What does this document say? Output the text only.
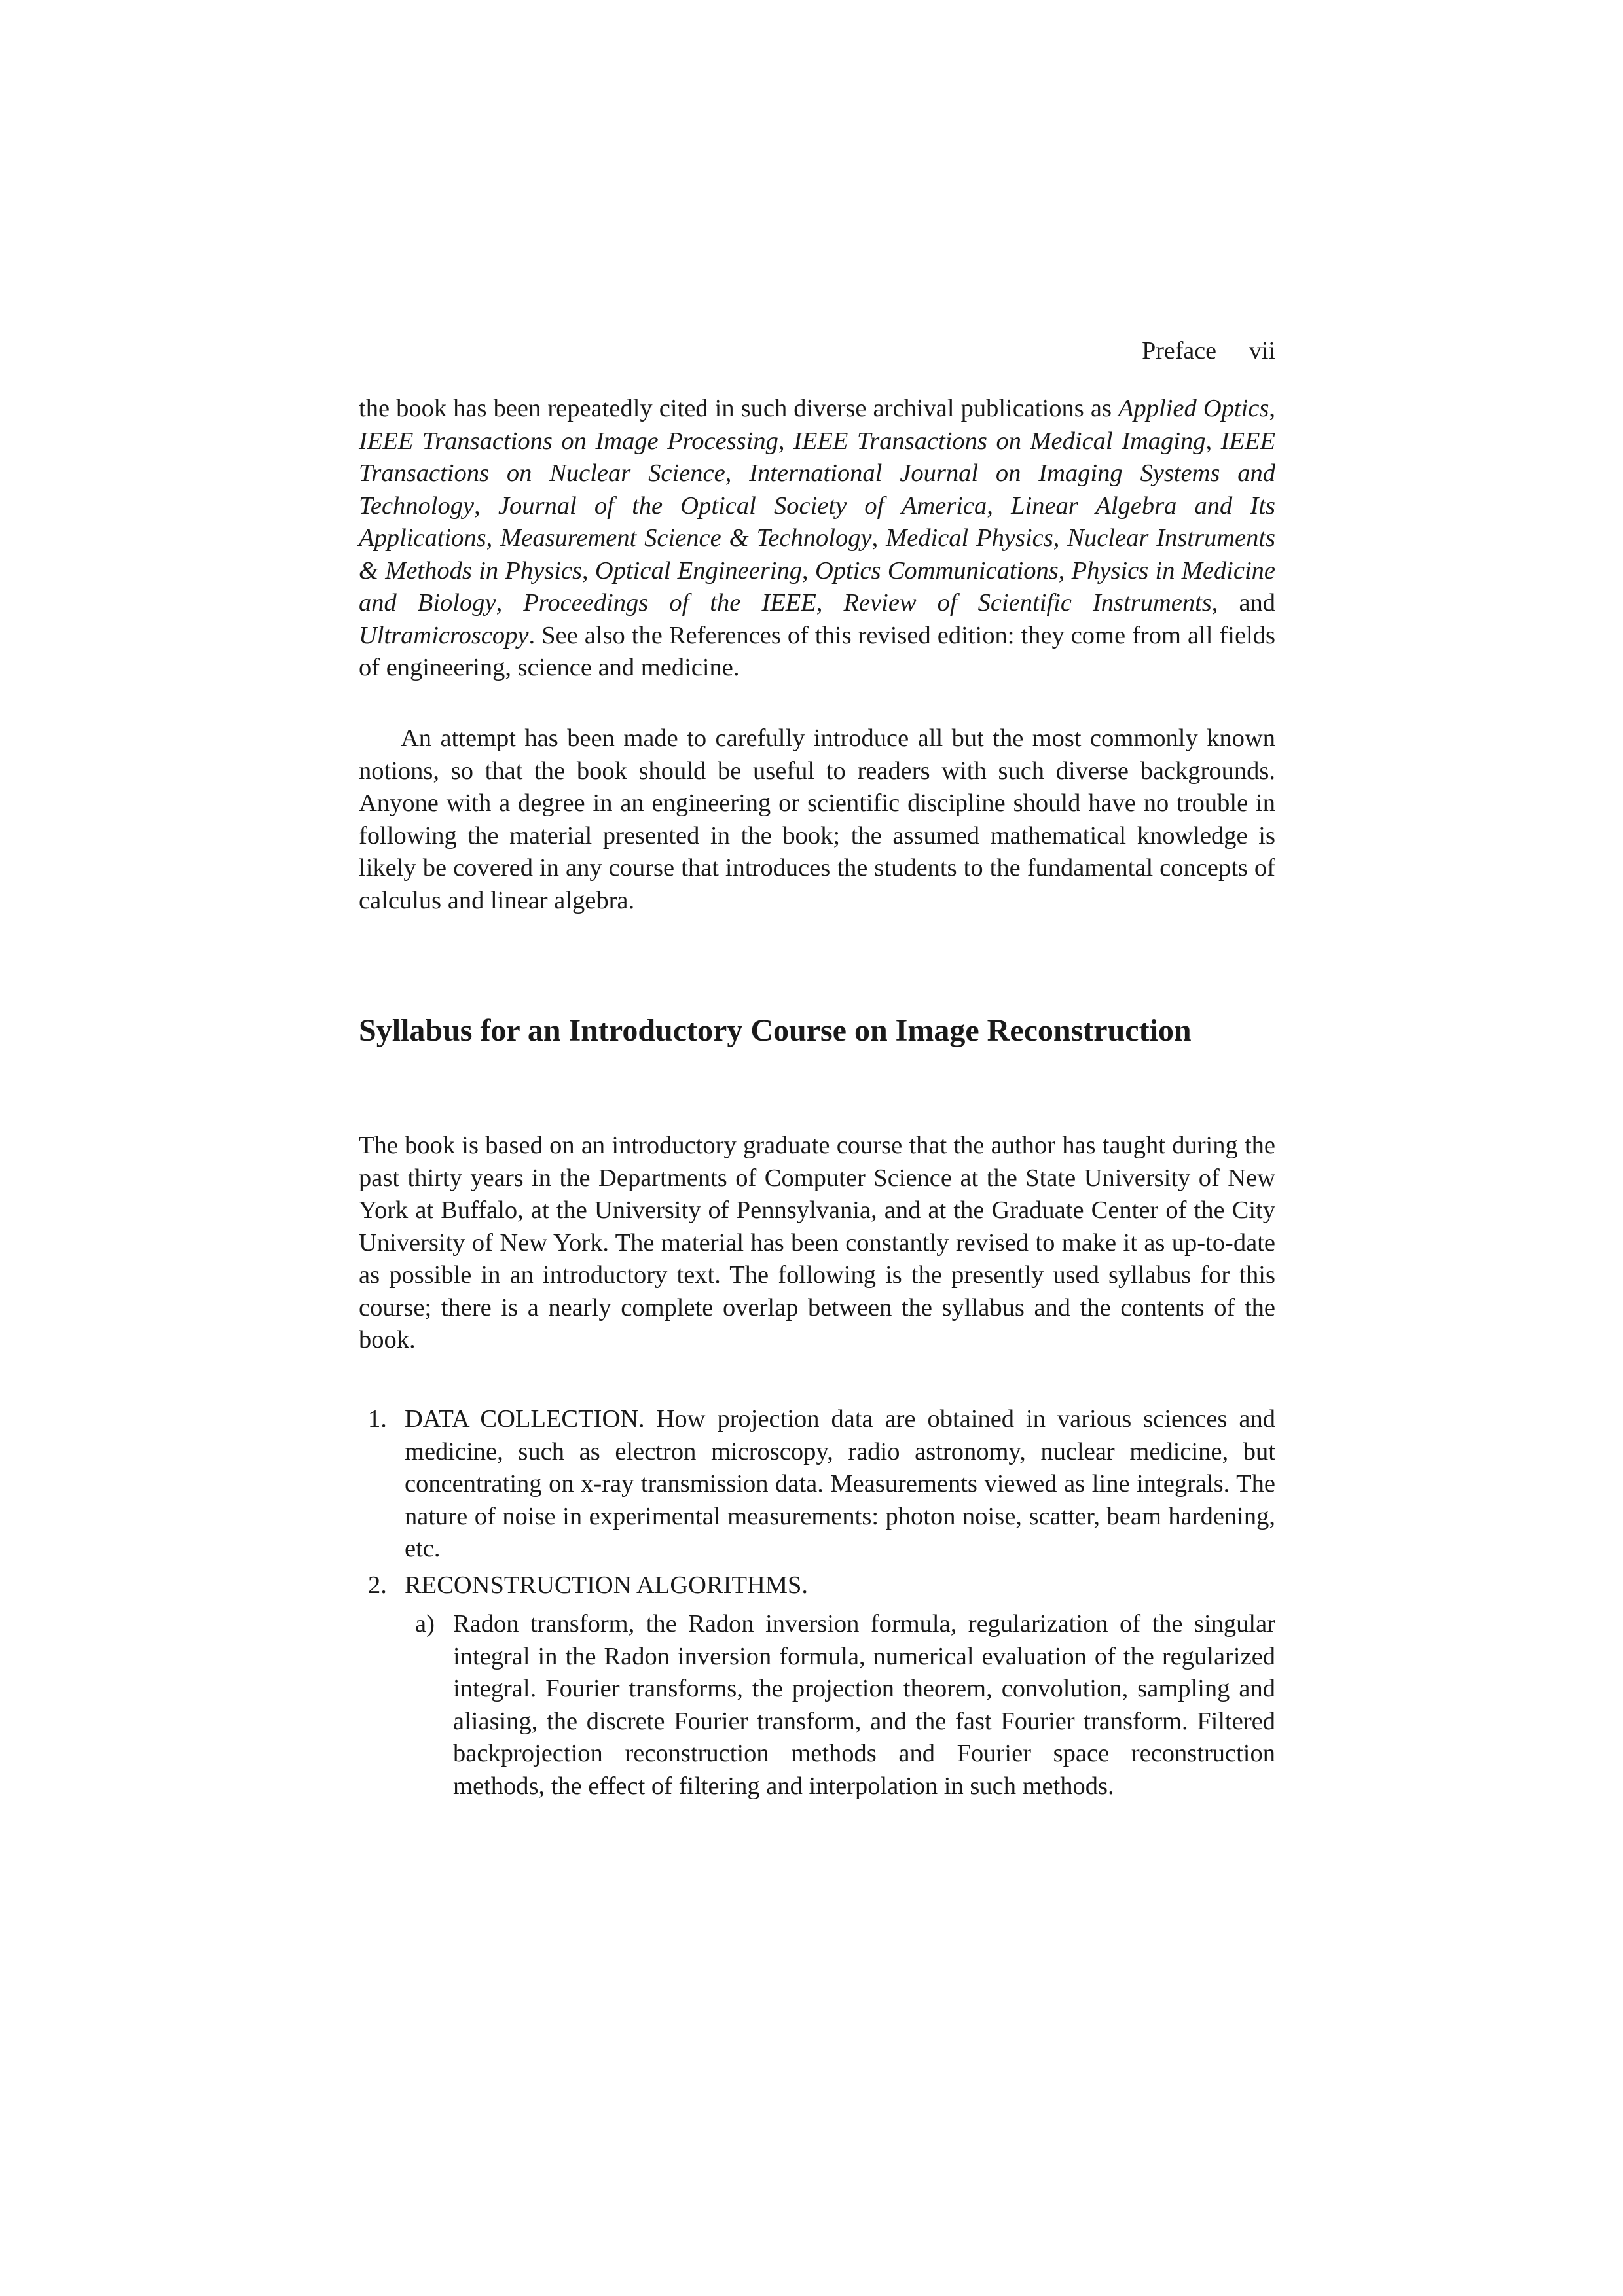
Preface vii
the book has been repeatedly cited in such diverse archival publications as Applied Optics, IEEE Transactions on Image Processing, IEEE Transactions on Medical Imaging, IEEE Transactions on Nuclear Science, International Journal on Imaging Systems and Technology, Journal of the Optical Society of America, Linear Algebra and Its Applications, Measurement Science & Technology, Medical Physics, Nuclear Instruments & Methods in Physics, Optical Engineering, Optics Communications, Physics in Medicine and Biology, Proceedings of the IEEE, Review of Scientific Instruments, and Ultramicroscopy. See also the References of this revised edition: they come from all fields of engineering, science and medicine.
An attempt has been made to carefully introduce all but the most commonly known notions, so that the book should be useful to readers with such diverse backgrounds. Anyone with a degree in an engineering or scientific discipline should have no trouble in following the material presented in the book; the assumed mathematical knowledge is likely be covered in any course that introduces the students to the fundamental concepts of calculus and linear algebra.
Syllabus for an Introductory Course on Image Reconstruction
The book is based on an introductory graduate course that the author has taught during the past thirty years in the Departments of Computer Science at the State University of New York at Buffalo, at the University of Pennsylvania, and at the Graduate Center of the City University of New York. The material has been constantly revised to make it as up-to-date as possible in an introductory text. The following is the presently used syllabus for this course; there is a nearly complete overlap between the syllabus and the contents of the book.
1. DATA COLLECTION. How projection data are obtained in various sciences and medicine, such as electron microscopy, radio astronomy, nuclear medicine, but concentrating on x-ray transmission data. Measurements viewed as line integrals. The nature of noise in experimental measurements: photon noise, scatter, beam hardening, etc.
2. RECONSTRUCTION ALGORITHMS.
a) Radon transform, the Radon inversion formula, regularization of the singular integral in the Radon inversion formula, numerical evaluation of the regularized integral. Fourier transforms, the projection theorem, convolution, sampling and aliasing, the discrete Fourier transform, and the fast Fourier transform. Filtered backprojection reconstruction methods and Fourier space reconstruction methods, the effect of filtering and interpolation in such methods.
